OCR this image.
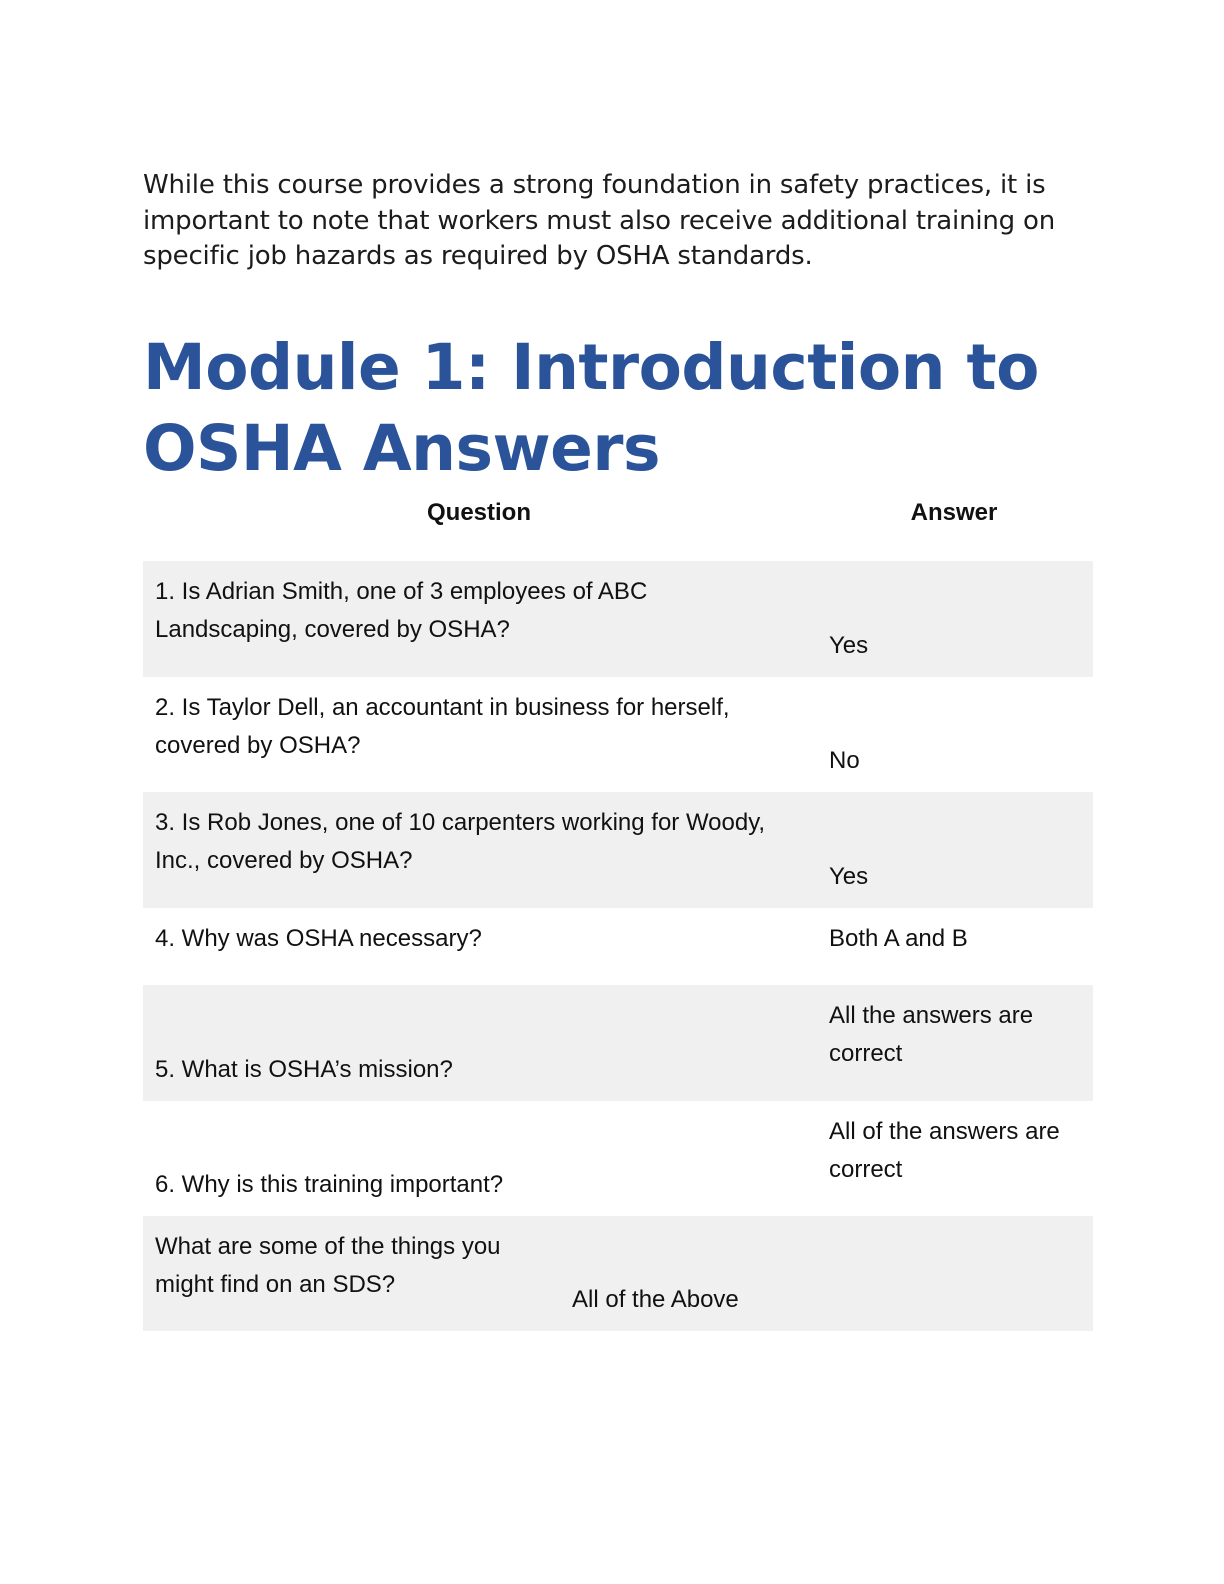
While this course provides a strong foundation in safety practices, it is important to note that workers must also receive additional training on specific job hazards as required by OSHA standards.

Module 1: Introduction to OSHA Answers
Question	Answer
1. Is Adrian Smith, one of 3 employees of ABC Landscaping, covered by OSHA?
Yes
2. Is Taylor Dell, an accountant in business for herself, covered by OSHA?
No
3. Is Rob Jones, one of 10 carpenters working for Woody, Inc., covered by OSHA?
Yes
4. Why was OSHA necessary?	Both A and B
5. What is OSHA’s mission?
All the answers are correct
6. Why is this training important?
All of the answers are correct
What are some of the things you might find on an SDS?
All of the Above
